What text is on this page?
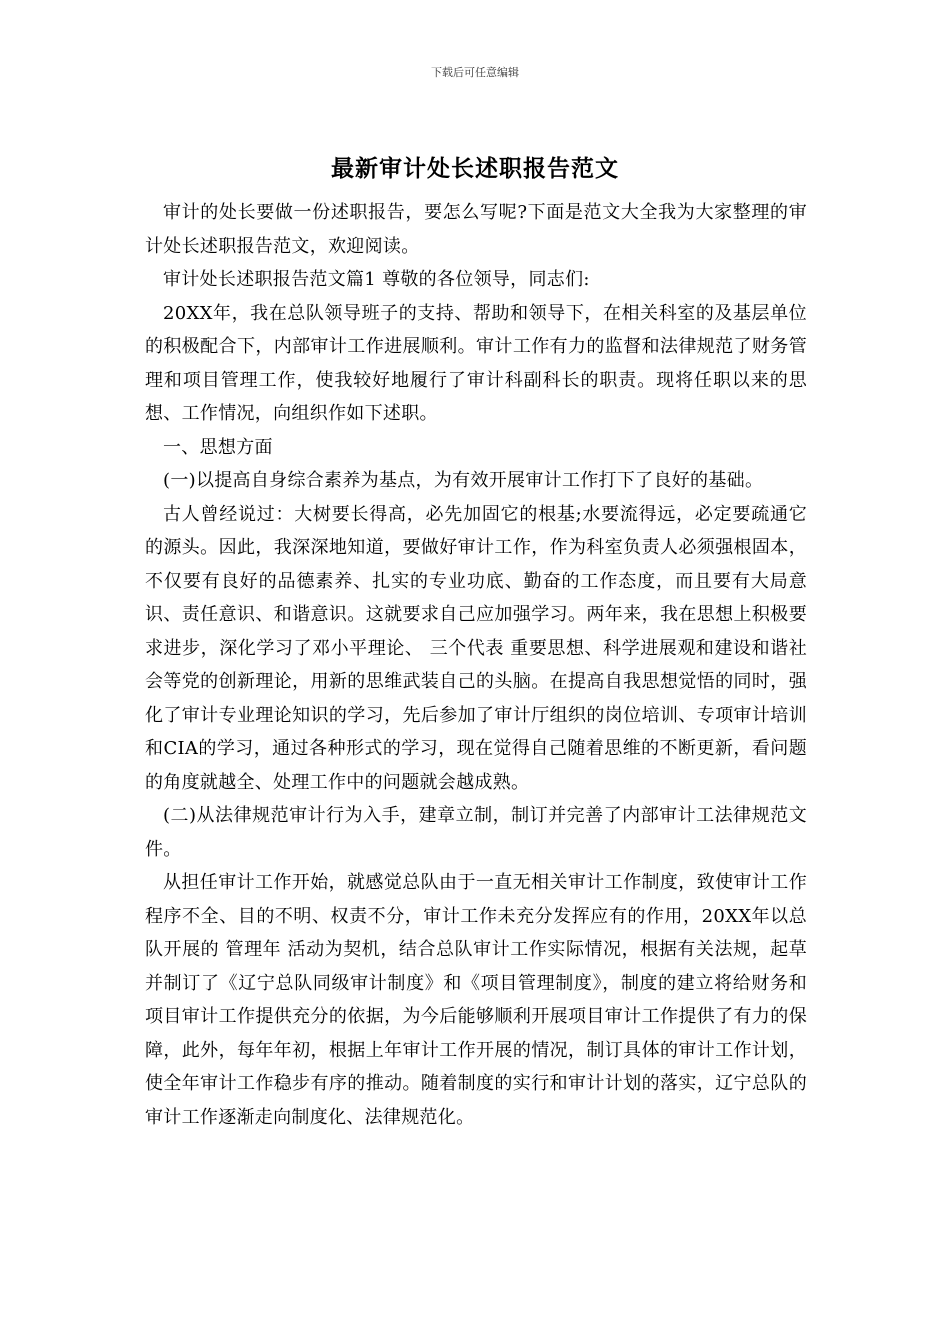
下载后可任意编辑
最新审计处长述职报告范文

审计的处长要做一份述职报告，要怎么写呢?下面是范文大全我为大家整理的审计处长述职报告范文，欢迎阅读。

审计处长述职报告范文篇1 尊敬的各位领导，同志们:

20XX年，我在总队领导班子的支持、帮助和领导下，在相关科室的及基层单位的积极配合下，内部审计工作进展顺利。审计工作有力的监督和法律规范了财务管理和项目管理工作，使我较好地履行了审计科副科长的职责。现将任职以来的思想、工作情况，向组织作如下述职。

一、思想方面

(一)以提高自身综合素养为基点，为有效开展审计工作打下了良好的基础。

古人曾经说过：大树要长得高，必先加固它的根基;水要流得远，必定要疏通它的源头。因此，我深深地知道，要做好审计工作，作为科室负责人必须强根固本，不仅要有良好的品德素养、扎实的专业功底、勤奋的工作态度，而且要有大局意识、责任意识、和谐意识。这就要求自己应加强学习。两年来，我在思想上积极要求进步，深化学习了邓小平理论、 三个代表 重要思想、科学进展观和建设和谐社会等党的创新理论，用新的思维武装自己的头脑。在提高自我思想觉悟的同时，强化了审计专业理论知识的学习，先后参加了审计厅组织的岗位培训、专项审计培训和CIA的学习，通过各种形式的学习，现在觉得自己随着思维的不断更新，看问题的角度就越全、处理工作中的问题就会越成熟。

(二)从法律规范审计行为入手，建章立制，制订并完善了内部审计工法律规范文件。

从担任审计工作开始，就感觉总队由于一直无相关审计工作制度，致使审计工作程序不全、目的不明、权责不分，审计工作未充分发挥应有的作用，20XX年以总队开展的 管理年 活动为契机，结合总队审计工作实际情况，根据有关法规，起草并制订了《辽宁总队同级审计制度》和《项目管理制度》，制度的建立将给财务和项目审计工作提供充分的依据，为今后能够顺利开展项目审计工作提供了有力的保障，此外，每年年初，根据上年审计工作开展的情况，制订具体的审计工作计划，使全年审计工作稳步有序的推动。随着制度的实行和审计计划的落实，辽宁总队的审计工作逐渐走向制度化、法律规范化。
